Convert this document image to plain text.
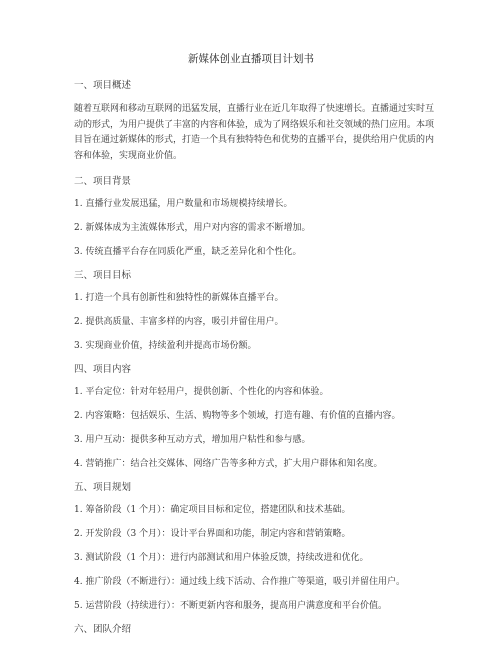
新媒体创业直播项目计划书

一、项目概述

随着互联网和移动互联网的迅猛发展，直播行业在近几年取得了快速增长。直播通过实时互动的形式，为用户提供了丰富的内容和体验，成为了网络娱乐和社交领域的热门应用。本项目旨在通过新媒体的形式，打造一个具有独特特色和优势的直播平台，提供给用户优质的内容和体验，实现商业价值。

二、项目背景

1. 直播行业发展迅猛，用户数量和市场规模持续增长。

2. 新媒体成为主流媒体形式，用户对内容的需求不断增加。

3. 传统直播平台存在同质化严重，缺乏差异化和个性化。

三、项目目标

1. 打造一个具有创新性和独特性的新媒体直播平台。

2. 提供高质量、丰富多样的内容，吸引并留住用户。

3. 实现商业价值，持续盈利并提高市场份额。

四、项目内容

1. 平台定位：针对年轻用户，提供创新、个性化的内容和体验。

2. 内容策略：包括娱乐、生活、购物等多个领域，打造有趣、有价值的直播内容。

3. 用户互动：提供多种互动方式，增加用户粘性和参与感。

4. 营销推广：结合社交媒体、网络广告等多种方式，扩大用户群体和知名度。

五、项目规划

1. 筹备阶段（1 个月）：确定项目目标和定位，搭建团队和技术基础。

2. 开发阶段（3 个月）：设计平台界面和功能，制定内容和营销策略。

3. 测试阶段（1 个月）：进行内部测试和用户体验反馈，持续改进和优化。

4. 推广阶段（不断进行）：通过线上线下活动、合作推广等渠道，吸引并留住用户。

5. 运营阶段（持续进行）：不断更新内容和服务，提高用户满意度和平台价值。

六、团队介绍
